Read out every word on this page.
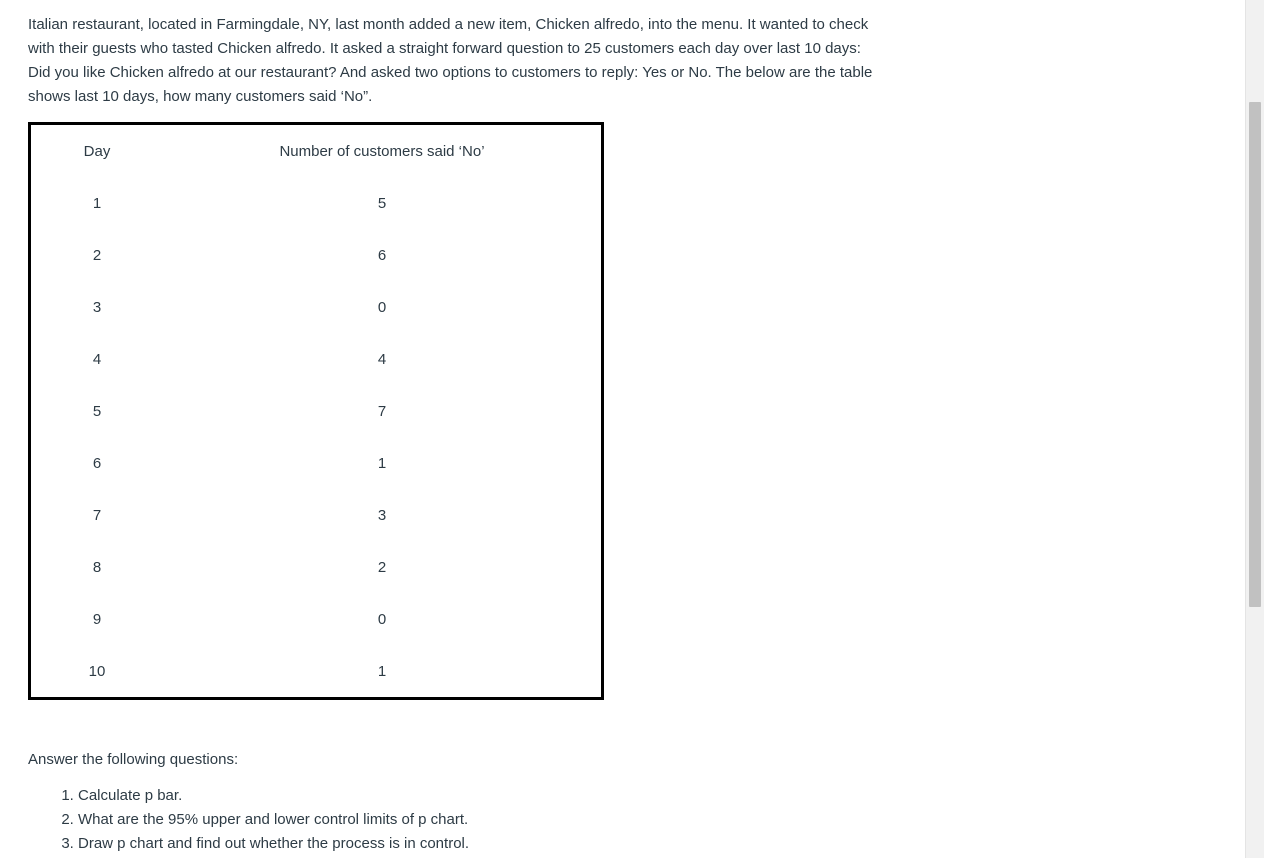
Italian restaurant, located in Farmingdale, NY, last month added a new item, Chicken alfredo, into the menu. It wanted to check
with their guests who tasted Chicken alfredo. It asked a straight forward question to 25 customers each day over last 10 days:
Did you like Chicken alfredo at our restaurant? And asked two options to customers to reply: Yes or No. The below are the table
shows last 10 days, how many customers said ‘No”.

Day	Number of customers said ‘No’
1	5
2	6
3	0
4	4
5	7
6	1
7	3
8	2
9	0
10	1

Answer the following questions:

1. Calculate p bar.
2. What are the 95% upper and lower control limits of p chart.
3. Draw p chart and find out whether the process is in control.
